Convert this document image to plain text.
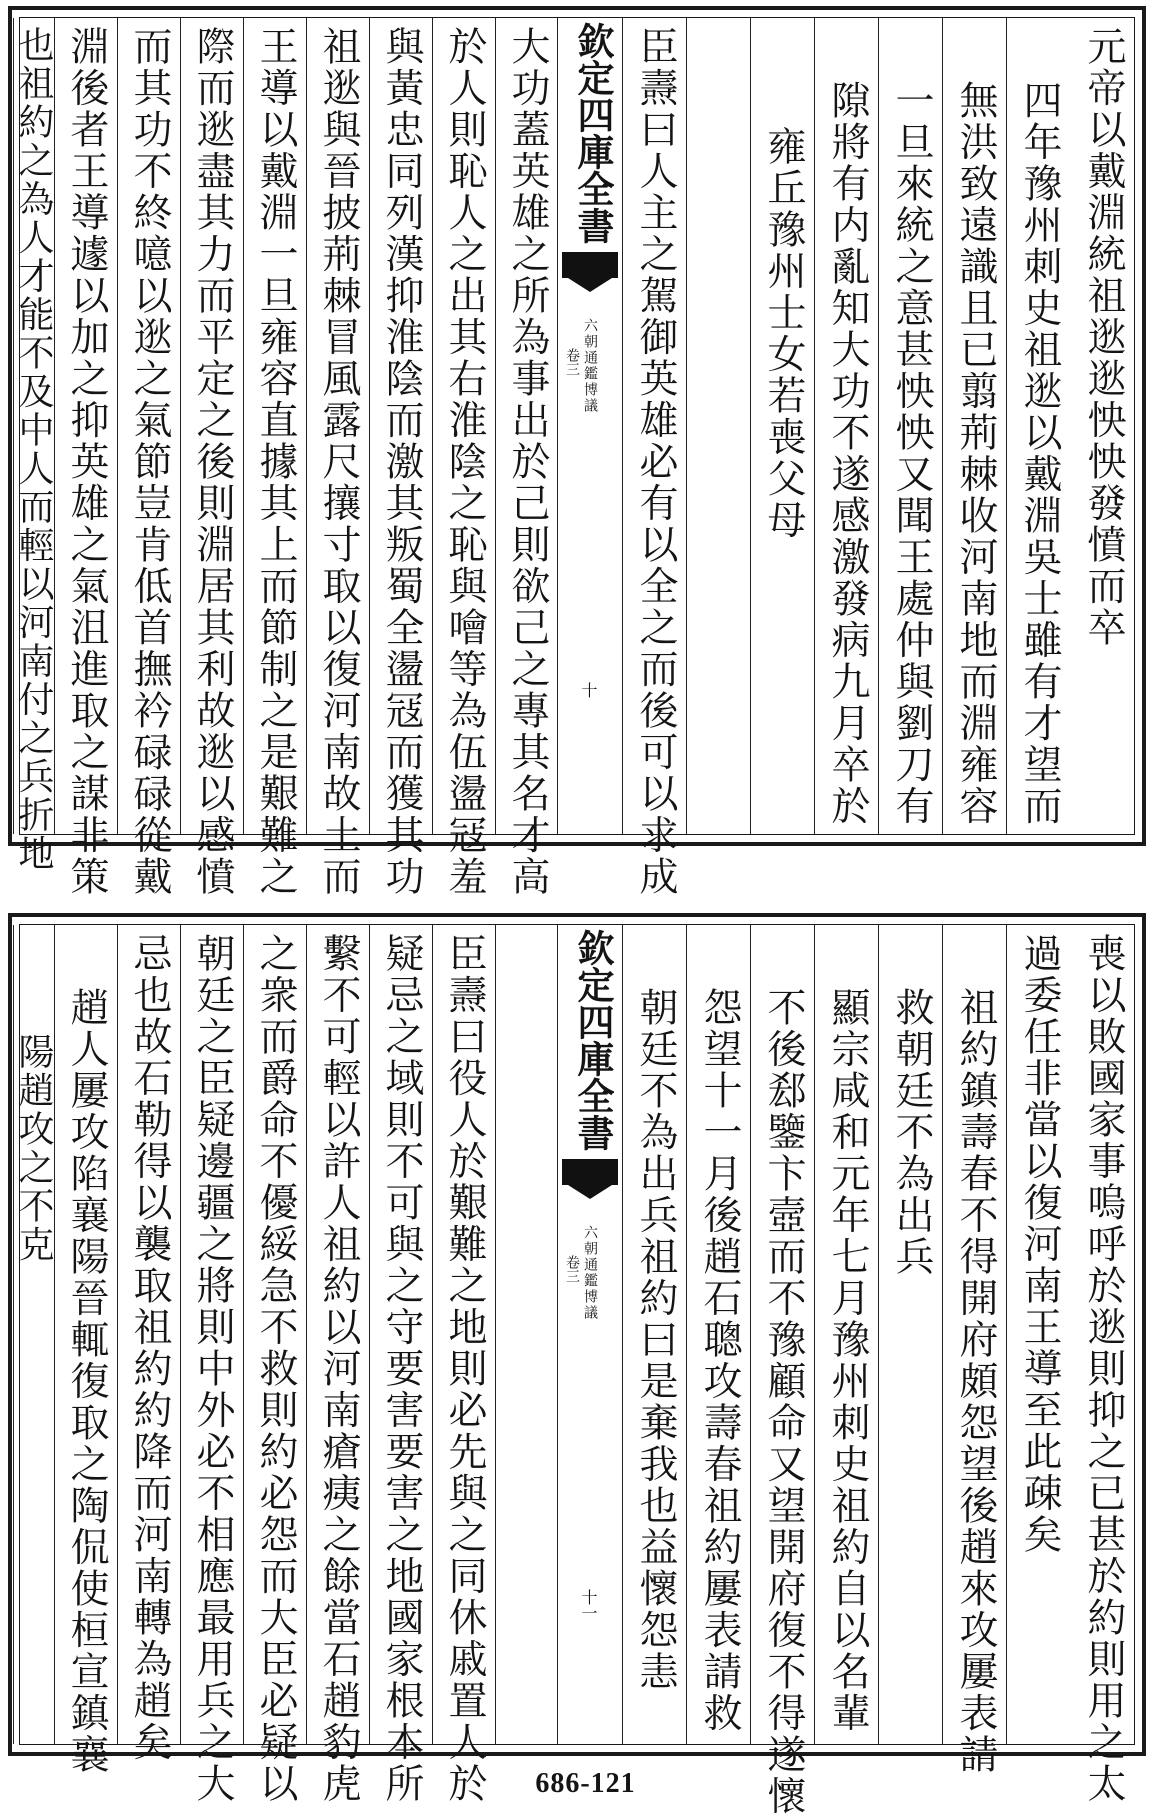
元帝以戴淵統祖逖逖怏怏發憤而卒
四年豫州刺史祖逖以戴淵吳士雖有才望而
無洪致遠識且已翦荊棘收河南地而淵雍容
一旦來統之意甚怏怏又聞王處仲與劉刀有
隙將有内亂知大功不遂感激發病九月卒於
雍丘豫州士女若喪父母
臣燾曰人主之駕御英雄必有以全之而後可以求成
欽定四庫全書
六朝通鑑博議
卷三
十
大功蓋英雄之所為事出於己則欲己之專其名才高
於人則恥人之出其右淮陰之恥與噲等為伍盪冦羞
與黃忠同列漢抑淮陰而激其叛蜀全盪冦而獲其功
祖逖與晉披荊棘冒風露尺攘寸取以復河南故土而
王導以戴淵一旦雍容直據其上而節制之是艱難之
際而逖盡其力而平定之後則淵居其利故逖以感憤
而其功不終噫以逖之氣節豈肯低首撫衿碌碌從戴
淵後者王導遽以加之抑英雄之氣沮進取之謀非策
也祖約之為人才能不及中人而輕以河南付之兵折地
喪以敗國家事嗚呼於逖則抑之已甚於約則用之太
過委任非當以復河南王導至此疎矣
祖約鎮壽春不得開府頗怨望後趙來攻屢表請
救朝廷不為出兵
顯宗咸和元年七月豫州刺史祖約自以名輩
不後郄鑒卞壼而不豫顧命又望開府復不得遂懷
怨望十一月後趙石聰攻壽春祖約屢表請救
朝廷不為出兵祖約曰是棄我也益懷怨恚
欽定四庫全書
六朝通鑑博議
卷三
十一
臣燾曰役人於艱難之地則必先與之同休戚置人於
疑忌之域則不可與之守要害要害之地國家根本所
繫不可輕以許人祖約以河南瘡痍之餘當石趙豹虎
之衆而爵命不優綏急不救則約必怨而大臣必疑以
朝廷之臣疑邊疆之將則中外必不相應最用兵之大
忌也故石勒得以襲取祖約約降而河南轉為趙矣
趙人屢攻陷襄陽晉輒復取之陶侃使桓宣鎮襄
陽趙攻之不克
686-121
